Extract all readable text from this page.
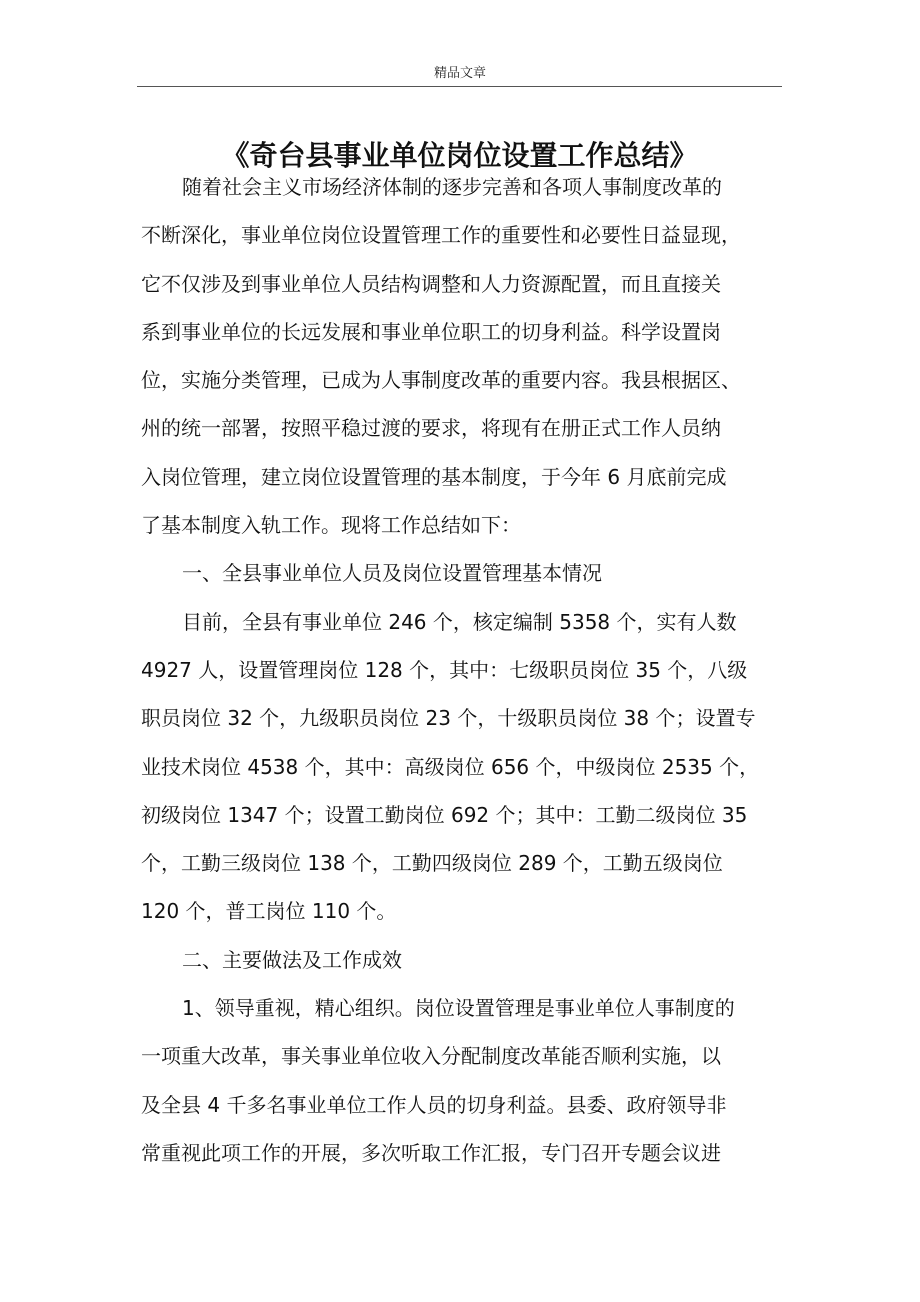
精品文章
《奇台县事业单位岗位设置工作总结》
随着社会主义市场经济体制的逐步完善和各项人事制度改革的
不断深化，事业单位岗位设置管理工作的重要性和必要性日益显现，
它不仅涉及到事业单位人员结构调整和人力资源配置，而且直接关
系到事业单位的长远发展和事业单位职工的切身利益。科学设置岗
位，实施分类管理，已成为人事制度改革的重要内容。我县根据区、
州的统一部署，按照平稳过渡的要求，将现有在册正式工作人员纳
入岗位管理，建立岗位设置管理的基本制度，于今年 6 月底前完成
了基本制度入轨工作。现将工作总结如下：
一、全县事业单位人员及岗位设置管理基本情况
目前，全县有事业单位 246 个，核定编制 5358 个，实有人数
4927 人，设置管理岗位 128 个，其中：七级职员岗位 35 个，八级
职员岗位 32 个，九级职员岗位 23 个，十级职员岗位 38 个；设置专
业技术岗位 4538 个，其中：高级岗位 656 个，中级岗位 2535 个，
初级岗位 1347 个；设置工勤岗位 692 个；其中：工勤二级岗位 35
个，工勤三级岗位 138 个，工勤四级岗位 289 个，工勤五级岗位
120 个，普工岗位 110 个。
二、主要做法及工作成效
1、领导重视，精心组织。岗位设置管理是事业单位人事制度的
一项重大改革，事关事业单位收入分配制度改革能否顺利实施，以
及全县 4 千多名事业单位工作人员的切身利益。县委、政府领导非
常重视此项工作的开展，多次听取工作汇报，专门召开专题会议进
